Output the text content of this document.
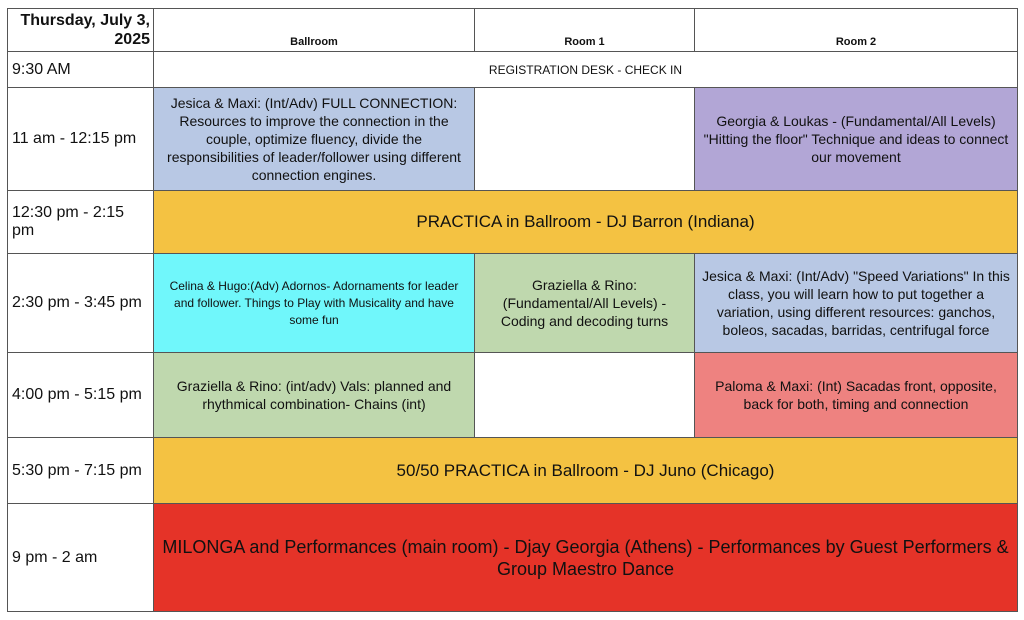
Thursday, July 3,
2025	Ballroom	Room 1	Room 2
9:30 AM	REGISTRATION DESK - CHECK IN		
11 am - 12:15 pm	Jesica & Maxi: (Int/Adv) FULL CONNECTION: Resources to improve the connection in the couple, optimize fluency, divide the responsibilities of leader/follower using different connection engines.		Georgia & Loukas - (Fundamental/All Levels) "Hitting the floor" Technique and ideas to connect our movement
12:30 pm - 2:15 pm	PRACTICA in Ballroom - DJ Barron (Indiana)		
2:30 pm - 3:45 pm	Celina & Hugo:(Adv) Adornos- Adornaments for leader and follower. Things to Play with Musicality and have some fun	Graziella & Rino: (Fundamental/All Levels) - Coding and decoding turns	Jesica & Maxi: (Int/Adv) "Speed Variations" In this class, you will learn how to put together a variation, using different resources: ganchos, boleos, sacadas, barridas, centrifugal force
4:00 pm - 5:15 pm	Graziella & Rino: (int/adv) Vals: planned and rhythmical combination- Chains (int)		Paloma & Maxi: (Int) Sacadas front, opposite, back for both, timing and connection
5:30 pm - 7:15 pm	50/50 PRACTICA in Ballroom - DJ Juno (Chicago)		
9 pm - 2 am	MILONGA and Performances (main room) - Djay Georgia (Athens) - Performances by Guest Performers & Group Maestro Dance		
